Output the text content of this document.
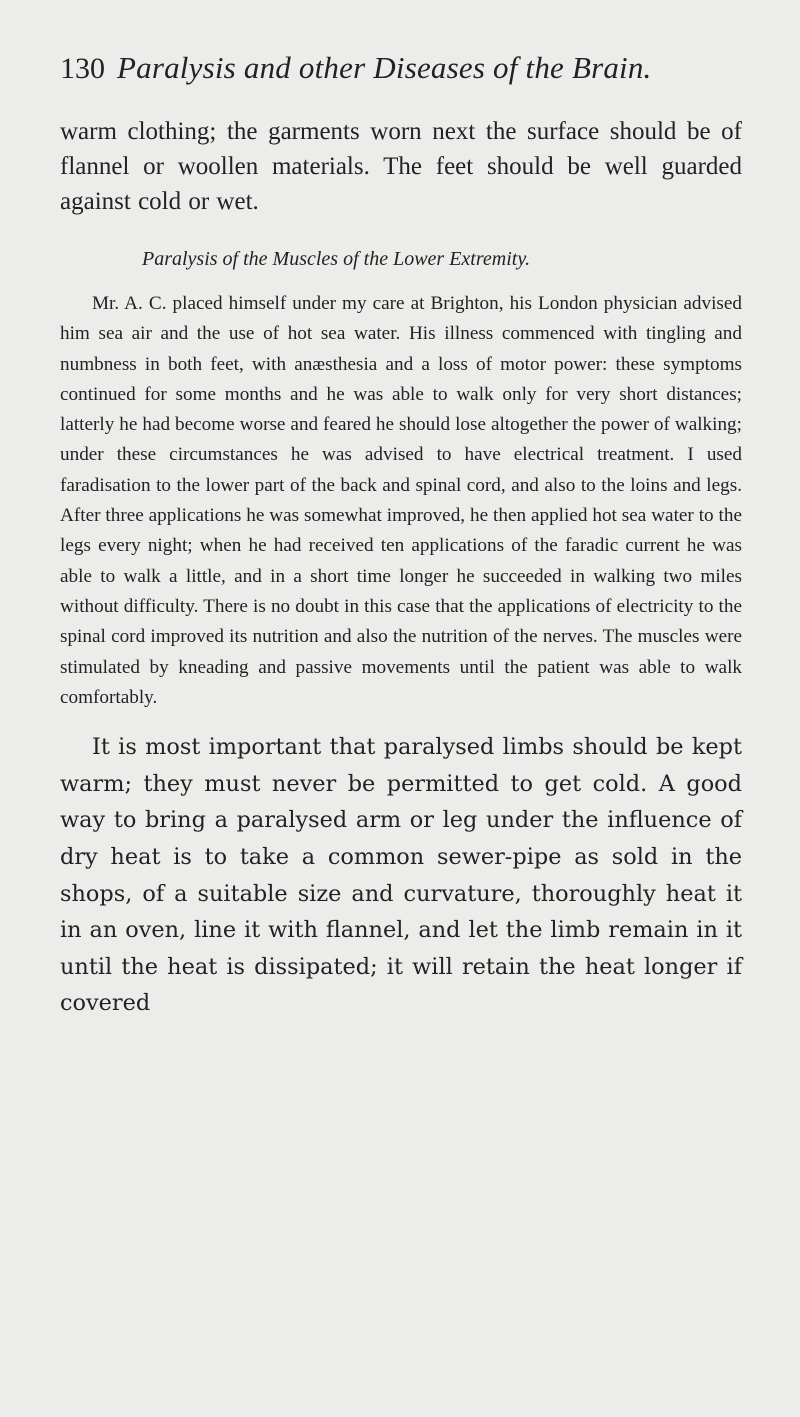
130 Paralysis and other Diseases of the Brain.

warm clothing; the garments worn next the surface should be of flannel or woollen materials. The feet should be well guarded against cold or wet.

Paralysis of the Muscles of the Lower Extremity.

Mr. A. C. placed himself under my care at Brighton, his London physician advised him sea air and the use of hot sea water. His illness commenced with tingling and numbness in both feet, with anæsthesia and a loss of motor power: these symptoms continued for some months and he was able to walk only for very short distances; latterly he had become worse and feared he should lose altogether the power of walking; under these circumstances he was advised to have electrical treatment. I used faradisation to the lower part of the back and spinal cord, and also to the loins and legs. After three applications he was somewhat improved, he then applied hot sea water to the legs every night; when he had received ten applications of the faradic current he was able to walk a little, and in a short time longer he succeeded in walking two miles without difficulty. There is no doubt in this case that the applications of electricity to the spinal cord improved its nutrition and also the nutrition of the nerves. The muscles were stimulated by kneading and passive movements until the patient was able to walk comfortably.

It is most important that paralysed limbs should be kept warm; they must never be permitted to get cold. A good way to bring a paralysed arm or leg under the influence of dry heat is to take a common sewer-pipe as sold in the shops, of a suitable size and curvature, thoroughly heat it in an oven, line it with flannel, and let the limb remain in it until the heat is dissipated; it will retain the heat longer if covered
